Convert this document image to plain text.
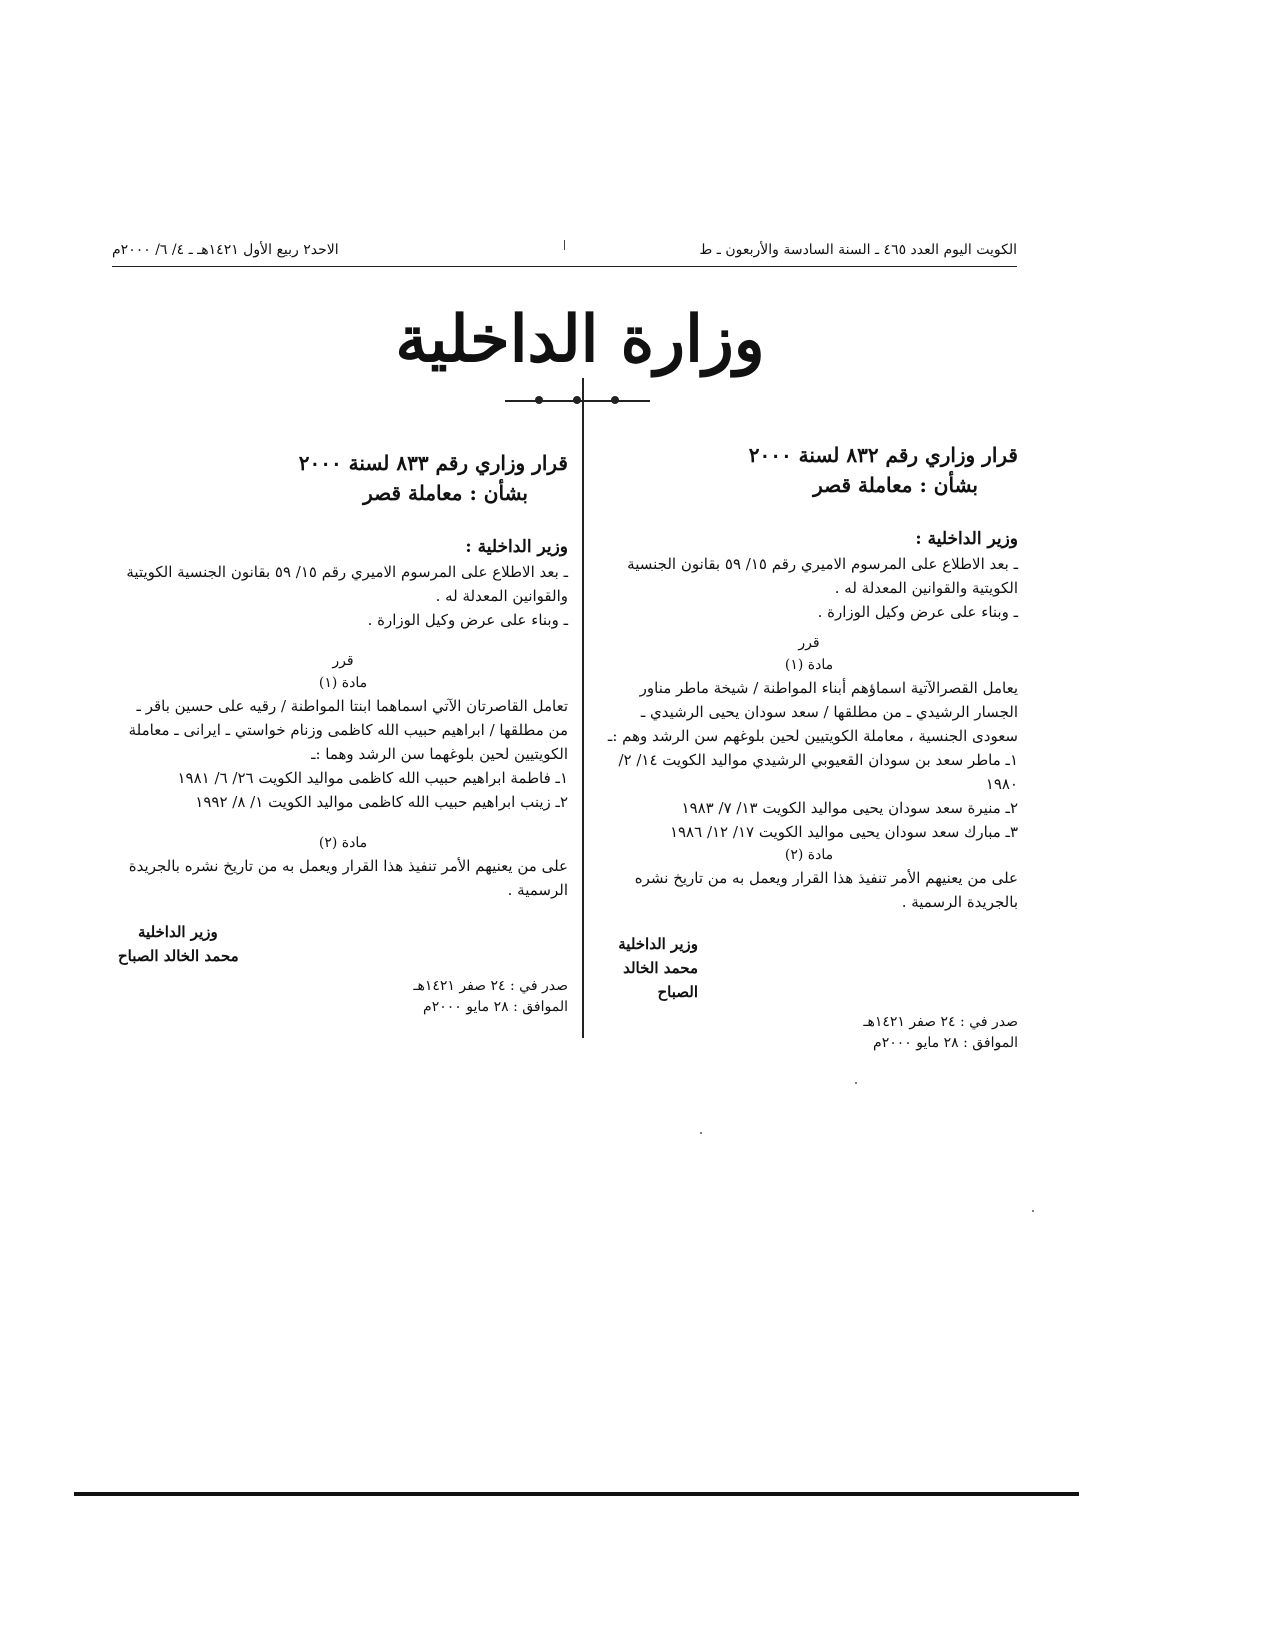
الكويت اليوم العدد ٤٦٥ ـ السنة السادسة والأربعون ـ ط
الاحد٢ ربيع الأول ١٤٢١هـ ـ ٤/ ٦/ ٢٠٠٠م
وزارة الداخلية
قرار وزاري رقم ٨٣٢ لسنة ٢٠٠٠
بشأن : معاملة قصر
وزير الداخلية :

ـ بعد الاطلاع على المرسوم الاميري رقم ١٥/ ٥٩ بقانون الجنسية الكويتية والقوانين المعدلة له .

ـ وبناء على عرض وكيل الوزارة .

قرر
مادة (١)

يعامل القصرالآتية اسماؤهم أبناء المواطنة / شيخة ماطر مناور الجسار الرشيدي ـ من مطلقها / سعد سودان يحيى الرشيدي ـ سعودى الجنسية ، معاملة الكويتيين لحين بلوغهم سن الرشد وهم :ـ

١ـ ماطر سعد بن سودان القعيوبي الرشيدي مواليد الكويت ١٤/ ٢/ ١٩٨٠

٢ـ منيرة سعد سودان يحيى مواليد الكويت ١٣/ ٧/ ١٩٨٣

٣ـ مبارك سعد سودان يحيى مواليد الكويت ١٧/ ١٢/ ١٩٨٦

مادة (٢)

على من يعنيهم الأمر تنفيذ هذا القرار ويعمل به من تاريخ نشره بالجريدة الرسمية .

وزير الداخلية
محمد الخالد الصباح
صدر في : ٢٤ صفر ١٤٢١هـ
الموافق : ٢٨ مايو ٢٠٠٠م
قرار وزاري رقم ٨٣٣ لسنة ٢٠٠٠
بشأن : معاملة قصر
وزير الداخلية :

ـ بعد الاطلاع على المرسوم الاميري رقم ١٥/ ٥٩ بقانون الجنسية الكويتية والقوانين المعدلة له .

ـ وبناء على عرض وكيل الوزارة .

قرر
مادة (١)

تعامل القاصرتان الآتي اسماهما ابنتا المواطنة / رقيه على حسين باقر ـ من مطلقها / ابراهيم حبيب الله كاظمى وزنام خواستي ـ ايرانى ـ معاملة الكويتيين لحين بلوغهما سن الرشد وهما :ـ

١ـ فاطمة ابراهيم حبيب الله كاظمى مواليد الكويت ٢٦/ ٦/ ١٩٨١

٢ـ زينب ابراهيم حبيب الله كاظمى مواليد الكويت ١/ ٨/ ١٩٩٢

مادة (٢)

على من يعنيهم الأمر تنفيذ هذا القرار ويعمل به من تاريخ نشره بالجريدة الرسمية .

وزير الداخلية
محمد الخالد الصباح
صدر في : ٢٤ صفر ١٤٢١هـ
الموافق : ٢٨ مايو ٢٠٠٠م
